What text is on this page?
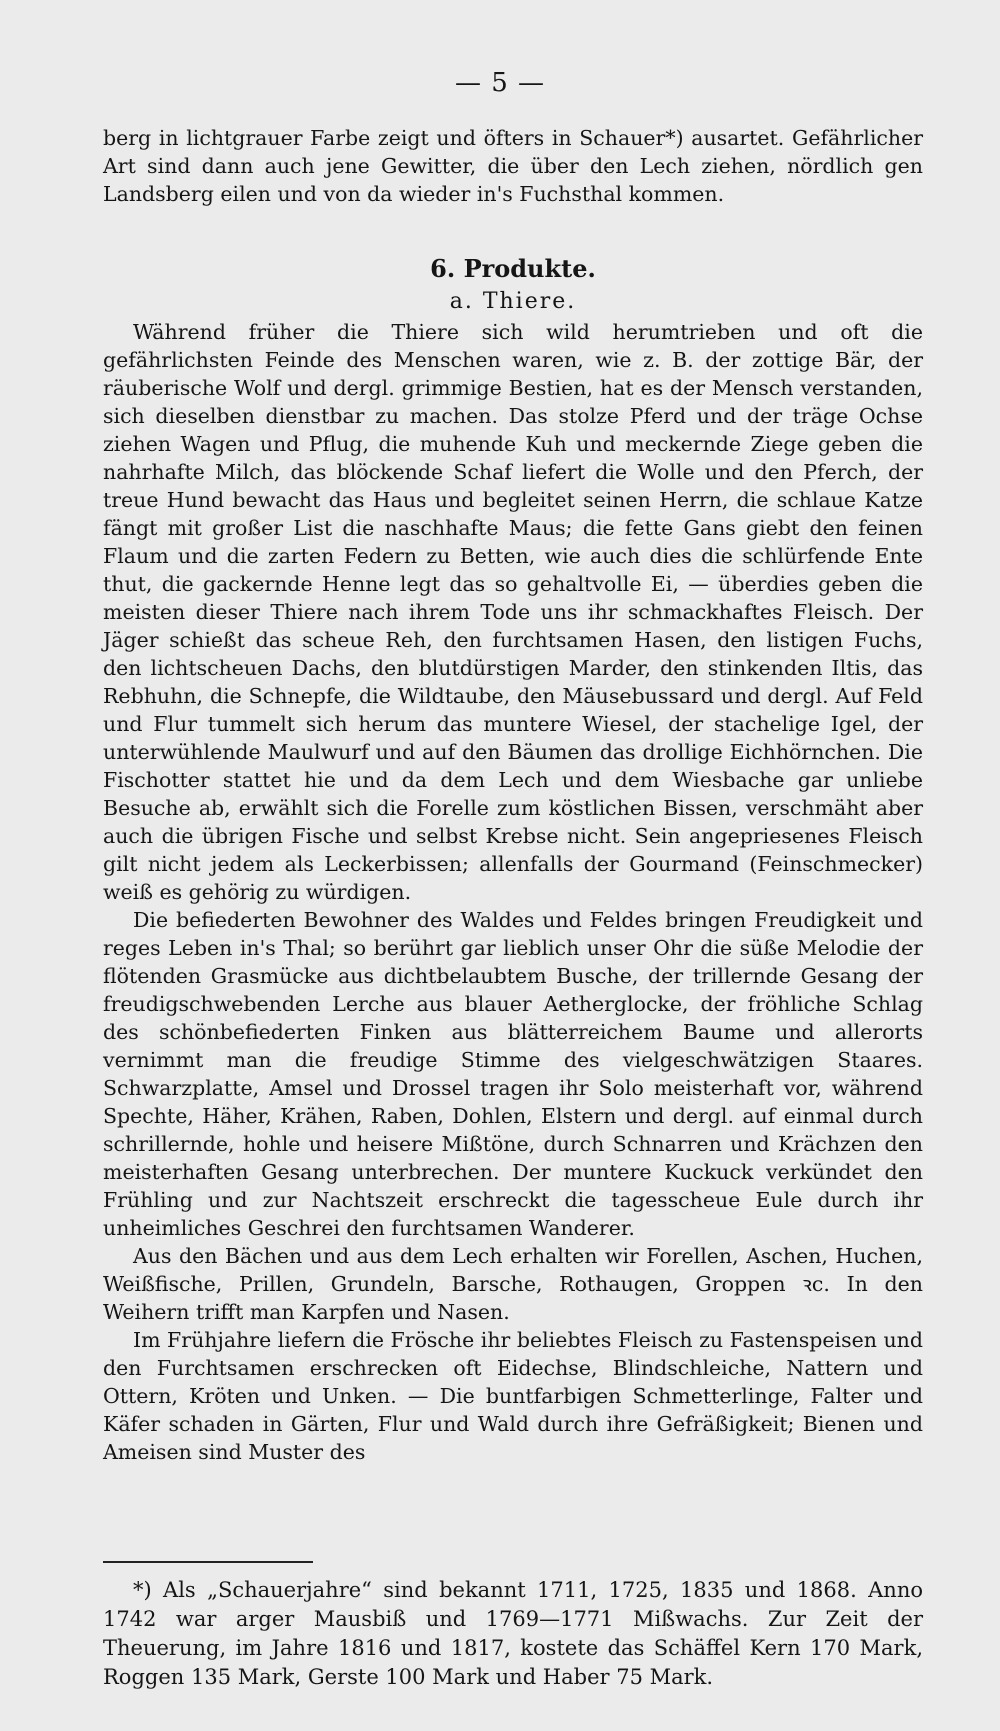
— 5 —

berg in lichtgrauer Farbe zeigt und öfters in Schauer*) ausartet. Gefährlicher Art sind dann auch jene Gewitter, die über den Lech ziehen, nördlich gen Landsberg eilen und von da wieder in's Fuchsthal kommen.

6. Produkte.

a. Thiere.

Während früher die Thiere sich wild herumtrieben und oft die gefährlichsten Feinde des Menschen waren, wie z. B. der zottige Bär, der räuberische Wolf und dergl. grimmige Bestien, hat es der Mensch verstanden, sich dieselben dienstbar zu machen. Das stolze Pferd und der träge Ochse ziehen Wagen und Pflug, die muhende Kuh und meckernde Ziege geben die nahrhafte Milch, das blöckende Schaf liefert die Wolle und den Pferch, der treue Hund bewacht das Haus und begleitet seinen Herrn, die schlaue Katze fängt mit großer List die naschhafte Maus; die fette Gans giebt den feinen Flaum und die zarten Federn zu Betten, wie auch dies die schlürfende Ente thut, die gackernde Henne legt das so gehaltvolle Ei, — überdies geben die meisten dieser Thiere nach ihrem Tode uns ihr schmackhaftes Fleisch. Der Jäger schießt das scheue Reh, den furchtsamen Hasen, den listigen Fuchs, den lichtscheuen Dachs, den blutdürstigen Marder, den stinkenden Iltis, das Rebhuhn, die Schnepfe, die Wildtaube, den Mäusebussard und dergl. Auf Feld und Flur tummelt sich herum das muntere Wiesel, der stachelige Igel, der unterwühlende Maulwurf und auf den Bäumen das drollige Eichhörnchen. Die Fischotter stattet hie und da dem Lech und dem Wiesbache gar unliebe Besuche ab, erwählt sich die Forelle zum köstlichen Bissen, verschmäht aber auch die übrigen Fische und selbst Krebse nicht. Sein angepriesenes Fleisch gilt nicht jedem als Leckerbissen; allenfalls der Gourmand (Feinschmecker) weiß es gehörig zu würdigen.

Die befiederten Bewohner des Waldes und Feldes bringen Freudigkeit und reges Leben in's Thal; so berührt gar lieblich unser Ohr die süße Melodie der flötenden Grasmücke aus dichtbelaubtem Busche, der trillernde Gesang der freudigschwebenden Lerche aus blauer Aetherglocke, der fröhliche Schlag des schönbefiederten Finken aus blätterreichem Baume und allerorts vernimmt man die freudige Stimme des vielgeschwätzigen Staares. Schwarzplatte, Amsel und Drossel tragen ihr Solo meisterhaft vor, während Spechte, Häher, Krähen, Raben, Dohlen, Elstern und dergl. auf einmal durch schrillernde, hohle und heisere Mißtöne, durch Schnarren und Krächzen den meisterhaften Gesang unterbrechen. Der muntere Kuckuck verkündet den Frühling und zur Nachtszeit erschreckt die tagesscheue Eule durch ihr unheimliches Geschrei den furchtsamen Wanderer.

Aus den Bächen und aus dem Lech erhalten wir Forellen, Aschen, Huchen, Weißfische, Prillen, Grundeln, Barsche, Rothaugen, Groppen ꝛc. In den Weihern trifft man Karpfen und Nasen.

Im Frühjahre liefern die Frösche ihr beliebtes Fleisch zu Fastenspeisen und den Furchtsamen erschrecken oft Eidechse, Blindschleiche, Nattern und Ottern, Kröten und Unken. — Die buntfarbigen Schmetterlinge, Falter und Käfer schaden in Gärten, Flur und Wald durch ihre Gefräßigkeit; Bienen und Ameisen sind Muster des

*) Als „Schauerjahre“ sind bekannt 1711, 1725, 1835 und 1868. Anno 1742 war arger Mausbiß und 1769—1771 Mißwachs. Zur Zeit der Theuerung, im Jahre 1816 und 1817, kostete das Schäffel Kern 170 Mark, Roggen 135 Mark, Gerste 100 Mark und Haber 75 Mark.
